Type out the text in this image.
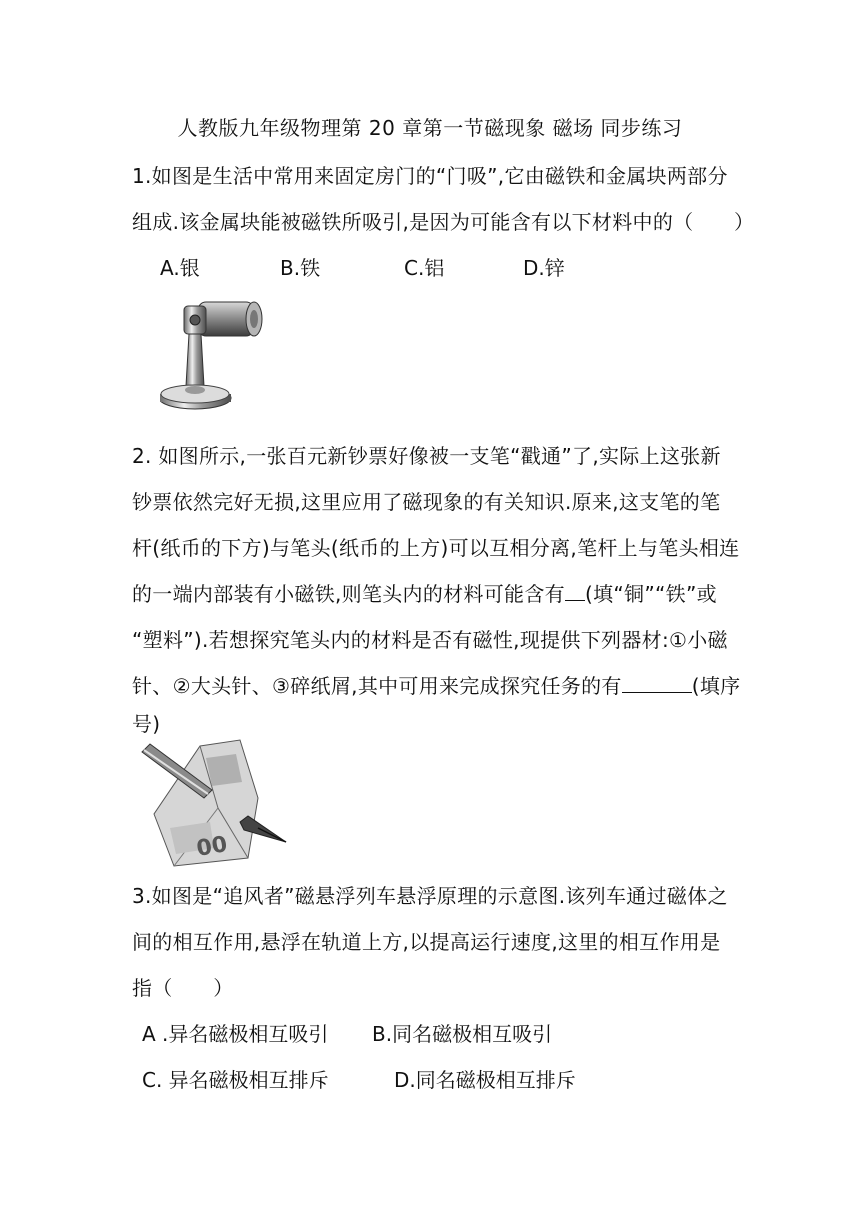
人教版九年级物理第 20 章第一节磁现象 磁场 同步练习
1.如图是生活中常用来固定房门的“门吸”,它由磁铁和金属块两部分
组成.该金属块能被磁铁所吸引,是因为可能含有以下材料中的（　　）
A.银	B.铁	C.铝	D.锌
2. 如图所示,一张百元新钞票好像被一支笔“戳通”了,实际上这张新
钞票依然完好无损,这里应用了磁现象的有关知识.原来,这支笔的笔
杆(纸币的下方)与笔头(纸币的上方)可以互相分离,笔杆上与笔头相连
的一端内部装有小磁铁,则笔头内的材料可能含有 (填“铜”“铁”或
“塑料”).若想探究笔头内的材料是否有磁性,现提供下列器材:①小磁
针、②大头针、③碎纸屑,其中可用来完成探究任务的有	(填序
号)
00
3.如图是“追风者”磁悬浮列车悬浮原理的示意图.该列车通过磁体之
间的相互作用,悬浮在轨道上方,以提高运行速度,这里的相互作用是
指（　　）
A .异名磁极相互吸引 B.同名磁极相互吸引
C. 异名磁极相互排斥	D.同名磁极相互排斥
